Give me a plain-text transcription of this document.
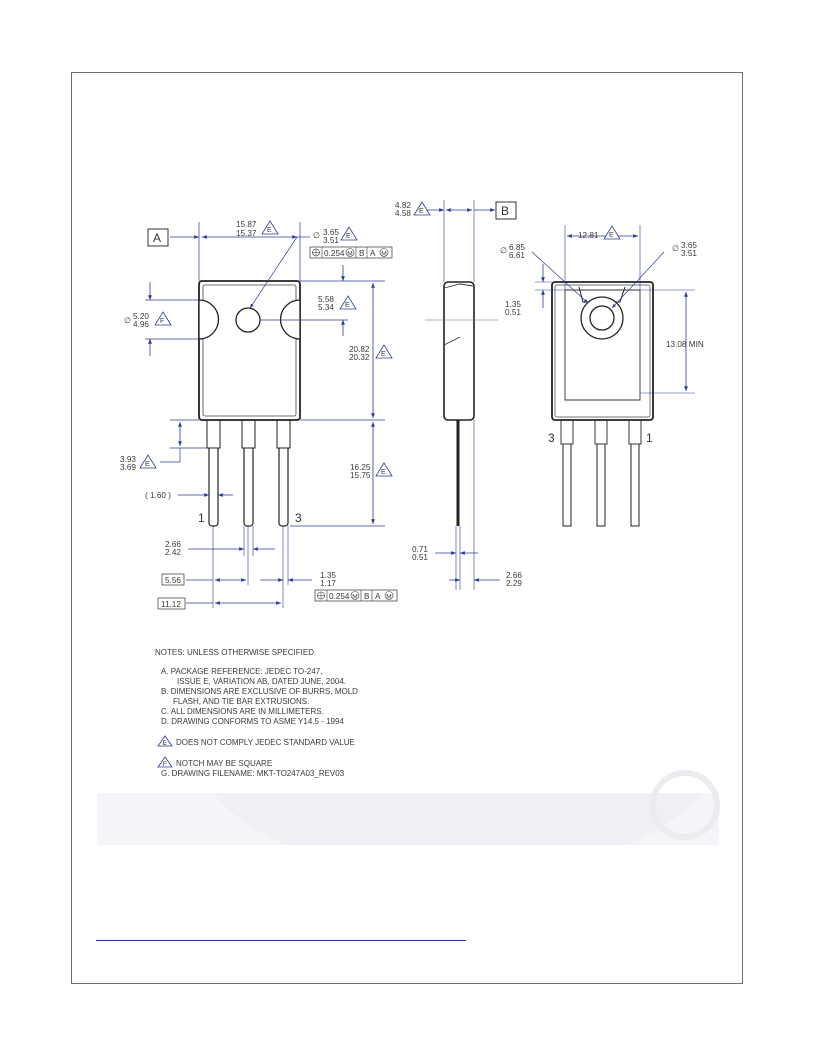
A
15.87
15.37 E
∅ 3.65
3.51 E
0.254 M B A M
∅ 5.20
4.96 F
5.58
5.34 E
20.82
20.32 E
16.25
15.75 E
3.93
3.69 E
( 1.60 )
1	3
2.66
2.42
5.56
1.35
1.17
0.254 M B A M
11.12
B
4.82
4.58 E
0.71
0.51
2.66
2.29
12.81 E
∅ 6.85
6.61
∅ 3.65
3.51
1.35
0.51
13.08 MIN
3	1
NOTES: UNLESS OTHERWISE SPECIFIED.
A. PACKAGE REFERENCE: JEDEC TO-247,
ISSUE E, VARIATION AB, DATED JUNE, 2004.
B. DIMENSIONS ARE EXCLUSIVE OF BURRS, MOLD
FLASH, AND TIE BAR EXTRUSIONS.
C. ALL DIMENSIONS ARE IN MILLIMETERS.
D. DRAWING CONFORMS TO ASME Y14.5 - 1994
E DOES NOT COMPLY JEDEC STANDARD VALUE
F NOTCH MAY BE SQUARE
G. DRAWING FILENAME: MKT-TO247A03_REV03
